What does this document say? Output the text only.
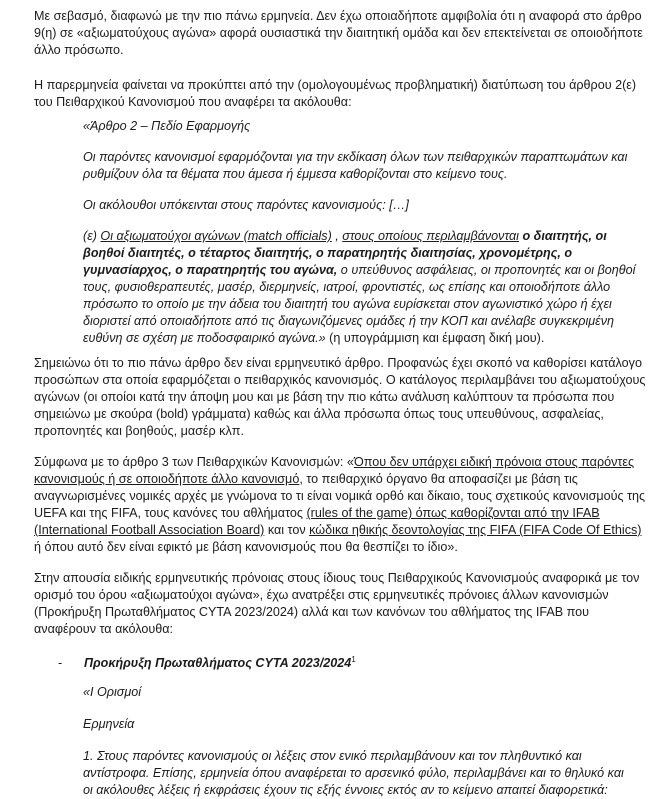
Με σεβασμό, διαφωνώ με την πιο πάνω ερμηνεία. Δεν έχω οποιαδήποτε αμφιβολία ότι η αναφορά στο άρθρο 9(η) σε «αξιωματούχους αγώνα» αφορά ουσιαστικά την διαιτητική ομάδα και δεν επεκτείνεται σε οποιοδήποτε άλλο πρόσωπο.
Η παρερμηνεία φαίνεται να προκύπτει από την (ομολογουμένως προβληματική) διατύπωση του άρθρου 2(ε) του Πειθαρχικού Κανονισμού που αναφέρει τα ακόλουθα:
«Άρθρο 2 – Πεδίο Εφαρμογής
Οι παρόντες κανονισμοί εφαρμόζονται για την εκδίκαση όλων των πειθαρχικών παραπτωμάτων και ρυθμίζουν όλα τα θέματα που άμεσα ή έμμεσα καθορίζονται στο κείμενο τους.
Οι ακόλουθοι υπόκεινται στους παρόντες κανονισμούς: […]
(ε) Οι αξιωματούχοι αγώνων (match officials) , στους οποίους περιλαμβάνονται ο διαιτητής, οι βοηθοί διαιτητές, ο τέταρτος διαιτητής, ο παρατηρητής διαιτησίας, χρονομέτρης, ο γυμνασίαρχος, ο παρατηρητής του αγώνα, ο υπεύθυνος ασφάλειας, οι προπονητές και οι βοηθοί τους, φυσιοθεραπευτές, μασέρ, διερμηνείς, ιατροί, φροντιστές, ως επίσης και οποιοδήποτε άλλο πρόσωπο το οποίο με την άδεια του διαιτητή του αγώνα ευρίσκεται στον αγωνιστικό χώρο ή έχει διοριστεί από οποιαδήποτε από τις διαγωνιζόμενες ομάδες ή την ΚΟΠ και ανέλαβε συγκεκριμένη ευθύνη σε σχέση με ποδοσφαιρικό αγώνα.» (η υπογράμμιση και έμφαση δική μου).
Σημειώνω ότι το πιο πάνω άρθρο δεν είναι ερμηνευτικό άρθρο. Προφανώς έχει σκοπό να καθορίσει κατάλογο προσώπων στα οποία εφαρμόζεται ο πειθαρχικός κανονισμός. Ο κατάλογος περιλαμβάνει του αξιωματούχους αγώνων (οι οποίοι κατά την άποψη μου και με βάση την πιο κάτω ανάλυση καλύπτουν τα πρόσωπα που σημειώνω με σκούρα (bold) γράμματα) καθώς και άλλα πρόσωπα όπως τους υπευθύνους, ασφαλείας, προπονητές και βοηθούς, μασέρ κλπ.
Σύμφωνα με το άρθρο 3 των Πειθαρχικών Κανονισμών: «Όπου δεν υπάρχει ειδική πρόνοια στους παρόντες κανονισμούς ή σε οποιοδήποτε άλλο κανονισμό, το πειθαρχικό όργανο θα αποφασίζει με βάση τις αναγνωρισμένες νομικές αρχές με γνώμονα το τι είναι νομικά ορθό και δίκαιο, τους σχετικούς κανονισμούς της UEFA και της FIFA, τους κανόνες του αθλήματος (rules of the game) όπως καθορίζονται από την IFAB (International Football Association Board) και τον κώδικα ηθικής δεοντολογίας της FIFA (FIFA Code Of Ethics) ή όπου αυτό δεν είναι εφικτό με βάση κανονισμούς που θα θεσπίζει το ίδιο».
Στην απουσία ειδικής ερμηνευτικής πρόνοιας στους ίδιους τους Πειθαρχικούς Κανονισμούς αναφορικά με τον ορισμό του όρου «αξιωματούχοι αγώνα», έχω ανατρέξει στις ερμηνευτικές πρόνοιες άλλων κανονισμών (Προκήρυξη Πρωταθλήματος CYTA 2023/2024) αλλά και των κανόνων του αθλήματος της IFAB που αναφέρουν τα ακόλουθα:
- Προκήρυξη Πρωταθλήματος CYTA 2023/2024$^1$
«Ι Ορισμοί
Ερμηνεία
1. Στους παρόντες κανονισμούς οι λέξεις στον ενικό περιλαμβάνουν και τον πληθυντικό και αντίστροφα. Επίσης, ερμηνεία όπου αναφέρεται το αρσενικό φύλο, περιλαμβάνει και το θηλυκό και οι ακόλουθες λέξεις ή εκφράσεις έχουν τις εξής έννοιες εκτός αν το κείμενο απαιτεί διαφορετικά:
